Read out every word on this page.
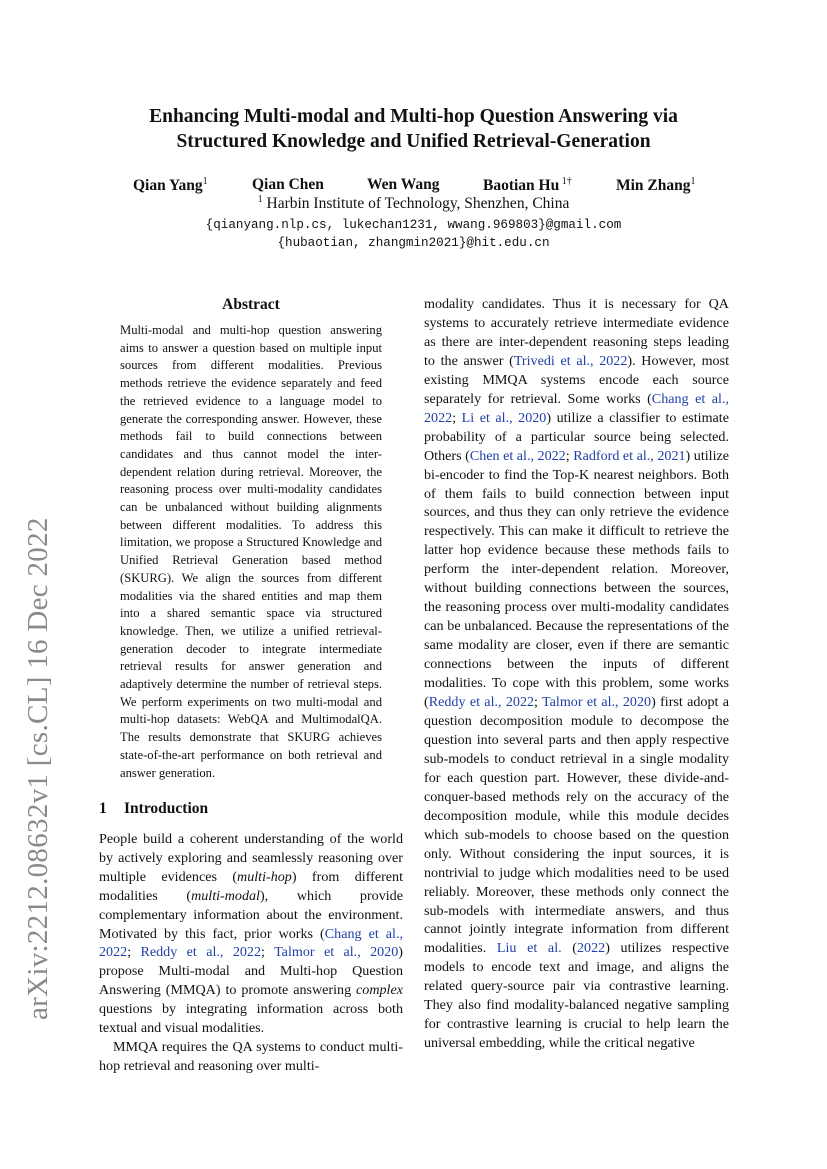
arXiv:2212.08632v1 [cs.CL] 16 Dec 2022
Enhancing Multi-modal and Multi-hop Question Answering via
Structured Knowledge and Unified Retrieval-Generation
Qian Yang$^1$	Qian Chen	Wen Wang	Baotian Hu $^{1\dagger}$	Min Zhang$^1$
$^1$ Harbin Institute of Technology, Shenzhen, China
{qianyang.nlp.cs, lukechan1231, wwang.969803}@gmail.com
{hubaotian, zhangmin2021}@hit.edu.cn
Abstract
Multi-modal and multi-hop question answering aims to answer a question based on multiple input sources from different modalities. Previous methods retrieve the evidence separately and feed the retrieved evidence to a language model to generate the corresponding answer. However, these methods fail to build connections between candidates and thus cannot model the inter-dependent relation during retrieval. Moreover, the reasoning process over multi-modality candidates can be unbalanced without building alignments between different modalities. To address this limitation, we propose a Structured Knowledge and Unified Retrieval Generation based method (SKURG). We align the sources from different modalities via the shared entities and map them into a shared semantic space via structured knowledge. Then, we utilize a unified retrieval-generation decoder to integrate intermediate retrieval results for answer generation and adaptively determine the number of retrieval steps. We perform experiments on two multi-modal and multi-hop datasets: WebQA and MultimodalQA. The results demonstrate that SKURG achieves state-of-the-art performance on both retrieval and answer generation.
1 Introduction

People build a coherent understanding of the world by actively exploring and seamlessly reasoning over multiple evidences (multi-hop) from different modalities (multi-modal), which provide complementary information about the environment. Motivated by this fact, prior works (Chang et al., 2022; Reddy et al., 2022; Talmor et al., 2020) propose Multi-modal and Multi-hop Question Answering (MMQA) to promote answering complex questions by integrating information across both textual and visual modalities.

MMQA requires the QA systems to conduct multi-hop retrieval and reasoning over multi-

modality candidates. Thus it is necessary for QA systems to accurately retrieve intermediate evidence as there are inter-dependent reasoning steps leading to the answer (Trivedi et al., 2022). However, most existing MMQA systems encode each source separately for retrieval. Some works (Chang et al., 2022; Li et al., 2020) utilize a classifier to estimate probability of a particular source being selected. Others (Chen et al., 2022; Radford et al., 2021) utilize bi-encoder to find the Top-K nearest neighbors. Both of them fails to build connection between input sources, and thus they can only retrieve the evidence respectively. This can make it difficult to retrieve the latter hop evidence because these methods fails to perform the inter-dependent relation. Moreover, without building connections between the sources, the reasoning process over multi-modality candidates can be unbalanced. Because the representations of the same modality are closer, even if there are semantic connections between the inputs of different modalities. To cope with this problem, some works (Reddy et al., 2022; Talmor et al., 2020) first adopt a question decomposition module to decompose the question into several parts and then apply respective sub-models to conduct retrieval in a single modality for each question part. However, these divide-and-conquer-based methods rely on the accuracy of the decomposition module, while this module decides which sub-models to choose based on the question only. Without considering the input sources, it is nontrivial to judge which modalities need to be used reliably. Moreover, these methods only connect the sub-models with intermediate answers, and thus cannot jointly integrate information from different modalities. Liu et al. (2022) utilizes respective models to encode text and image, and aligns the related query-source pair via contrastive learning. They also find modality-balanced negative sampling for contrastive learning is crucial to help learn the universal embedding, while the critical negative
